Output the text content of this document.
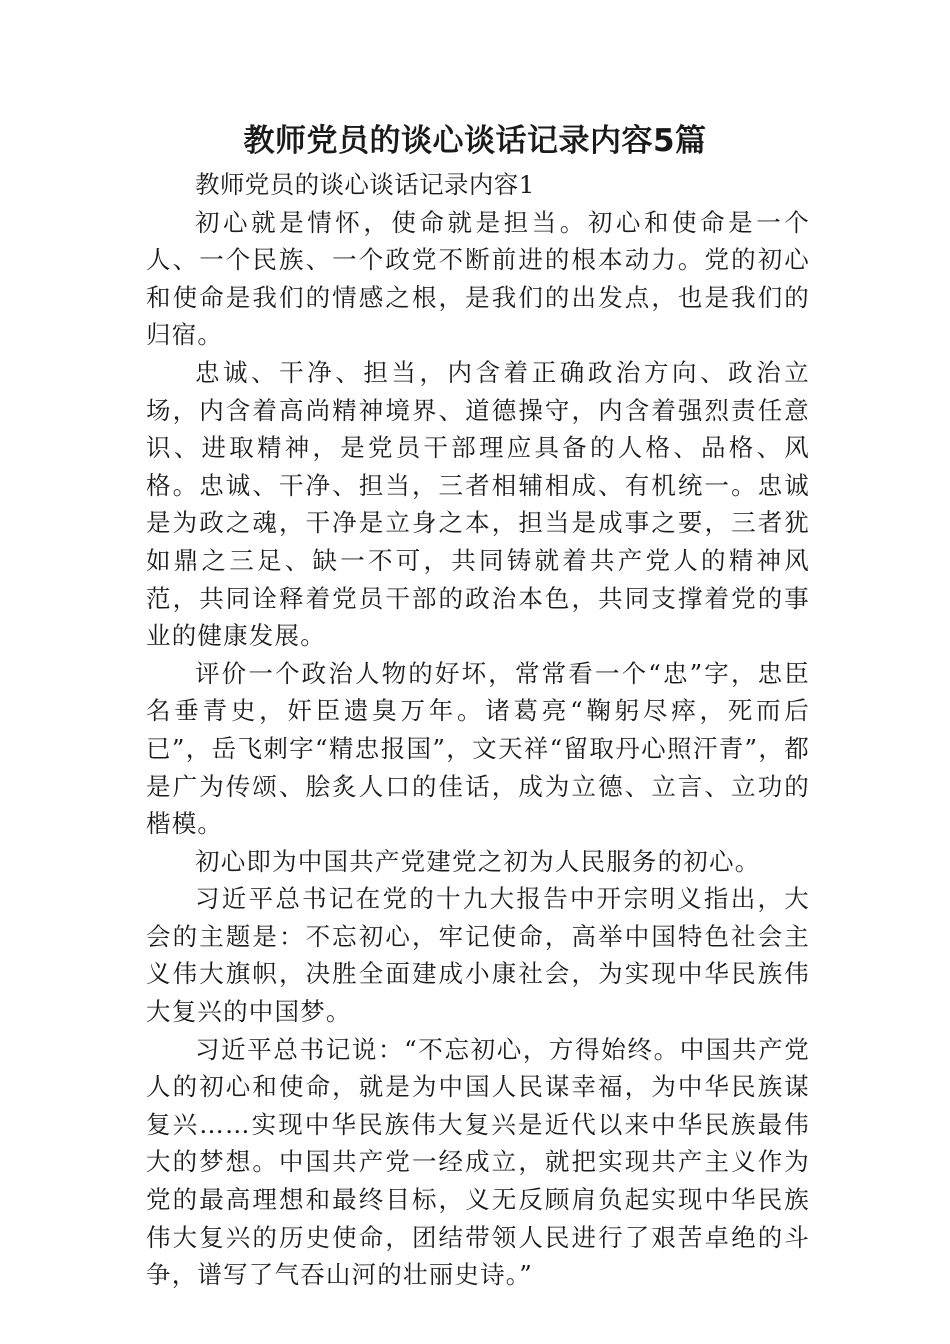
教师党员的谈心谈话记录内容5篇

教师党员的谈心谈话记录内容1

初心就是情怀，使命就是担当。初心和使命是一个人、一个民族、一个政党不断前进的根本动力。党的初心和使命是我们的情感之根，是我们的出发点，也是我们的归宿。

忠诚、干净、担当，内含着正确政治方向、政治立场，内含着高尚精神境界、道德操守，内含着强烈责任意识、进取精神，是党员干部理应具备的人格、品格、风格。忠诚、干净、担当，三者相辅相成、有机统一。忠诚是为政之魂，干净是立身之本，担当是成事之要，三者犹如鼎之三足、缺一不可，共同铸就着共产党人的精神风范，共同诠释着党员干部的政治本色，共同支撑着党的事业的健康发展。

评价一个政治人物的好坏，常常看一个“忠”字，忠臣名垂青史，奸臣遗臭万年。诸葛亮“鞠躬尽瘁，死而后已”，岳飞刺字“精忠报国”，文天祥“留取丹心照汗青”，都是广为传颂、脍炙人口的佳话，成为立德、立言、立功的楷模。

初心即为中国共产党建党之初为人民服务的初心。

习近平总书记在党的十九大报告中开宗明义指出，大会的主题是：不忘初心，牢记使命，高举中国特色社会主义伟大旗帜，决胜全面建成小康社会，为实现中华民族伟大复兴的中国梦。

习近平总书记说：“不忘初心，方得始终。中国共产党人的初心和使命，就是为中国人民谋幸福，为中华民族谋复兴……实现中华民族伟大复兴是近代以来中华民族最伟大的梦想。中国共产党一经成立，就把实现共产主义作为党的最高理想和最终目标，义无反顾肩负起实现中华民族伟大复兴的历史使命，团结带领人民进行了艰苦卓绝的斗争，谱写了气吞山河的壮丽史诗。”
